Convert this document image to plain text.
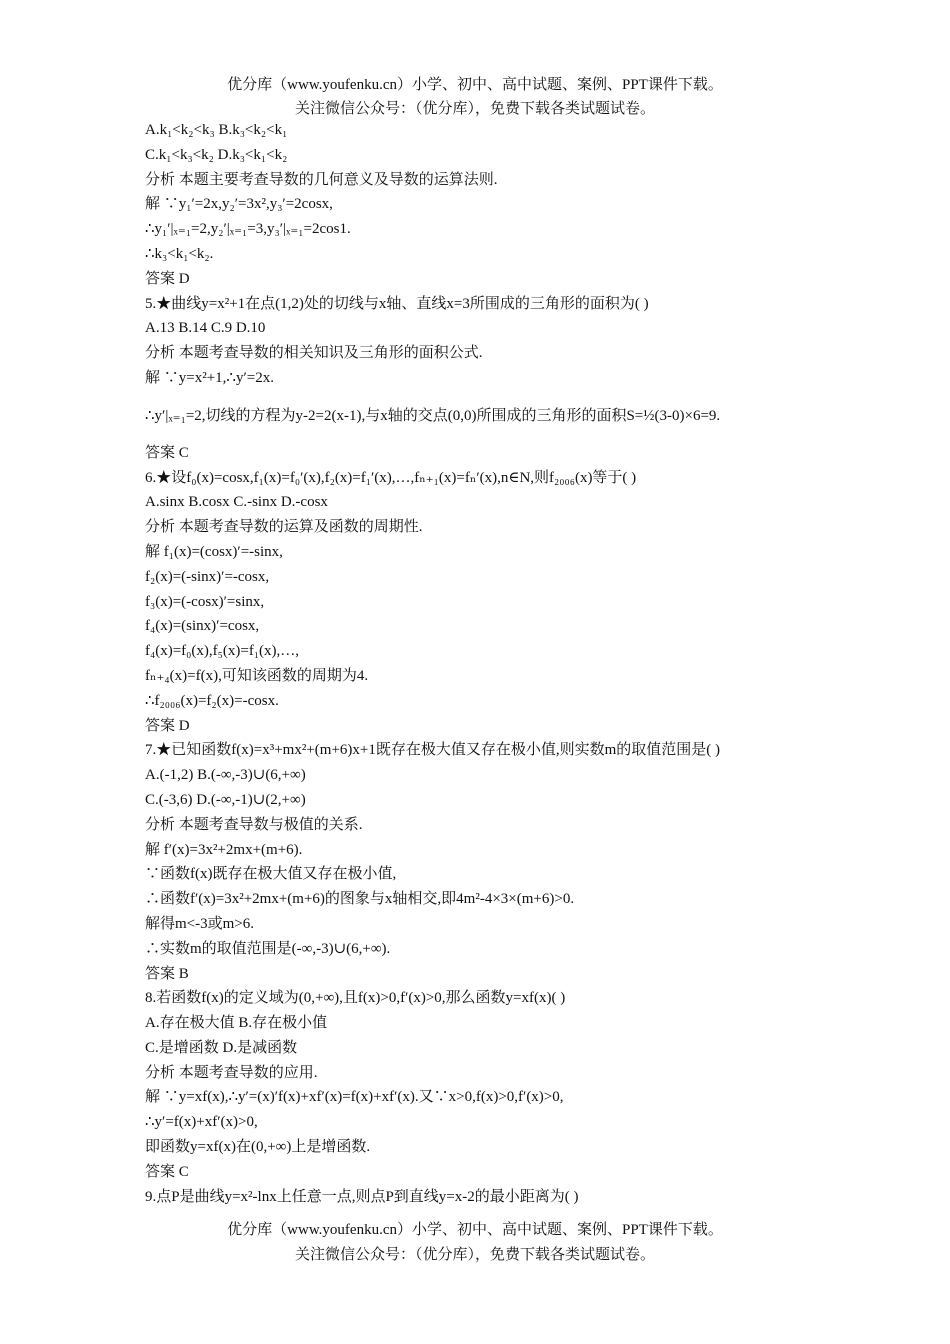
优分库（www.youfenku.cn）小学、初中、高中试题、案例、PPT课件下载。
关注微信公众号：（优分库），免费下载各类试题试卷。
A.k₁<k₂<k₃ B.k₃<k₂<k₁
C.k₁<k₃<k₂ D.k₃<k₁<k₂
分析 本题主要考查导数的几何意义及导数的运算法则.
解 ∵y₁′=2x,y₂′=3x²,y₃′=2cosx,
∴y₁′|ₓ₌₁=2,y₂′|ₓ₌₁=3,y₃′|ₓ₌₁=2cos1.
∴k₃<k₁<k₂.
答案 D
5.★曲线y=x²+1在点(1,2)处的切线与x轴、直线x=3所围成的三角形的面积为( )
A.13 B.14 C.9 D.10
分析 本题考查导数的相关知识及三角形的面积公式.
解 ∵y=x²+1,∴y′=2x.
∴y′|ₓ₌₁=2,切线的方程为y-2=2(x-1),与x轴的交点(0,0)所围成的三角形的面积S=½(3-0)×6=9.
答案 C
6.★设f₀(x)=cosx,f₁(x)=f₀′(x),f₂(x)=f₁′(x),…,fₙ₊₁(x)=fₙ′(x),n∈N,则f₂₀₀₆(x)等于( )
A.sinx B.cosx C.-sinx D.-cosx
分析 本题考查导数的运算及函数的周期性.
解 f₁(x)=(cosx)′=-sinx,
f₂(x)=(-sinx)′=-cosx,
f₃(x)=(-cosx)′=sinx,
f₄(x)=(sinx)′=cosx,
f₄(x)=f₀(x),f₅(x)=f₁(x),…,
fₙ₊₄(x)=f(x),可知该函数的周期为4.
∴f₂₀₀₆(x)=f₂(x)=-cosx.
答案 D
7.★已知函数f(x)=x³+mx²+(m+6)x+1既存在极大值又存在极小值,则实数m的取值范围是( )
A.(-1,2) B.(-∞,-3)∪(6,+∞)
C.(-3,6) D.(-∞,-1)∪(2,+∞)
分析 本题考查导数与极值的关系.
解 f′(x)=3x²+2mx+(m+6).
∵函数f(x)既存在极大值又存在极小值,
∴函数f′(x)=3x²+2mx+(m+6)的图象与x轴相交,即4m²-4×3×(m+6)>0.
解得m<-3或m>6.
∴实数m的取值范围是(-∞,-3)∪(6,+∞).
答案 B
8.若函数f(x)的定义域为(0,+∞),且f(x)>0,f′(x)>0,那么函数y=xf(x)( )
A.存在极大值 B.存在极小值
C.是增函数 D.是减函数
分析 本题考查导数的应用.
解 ∵y=xf(x),∴y′=(x)′f(x)+xf′(x)=f(x)+xf′(x).又∵x>0,f(x)>0,f′(x)>0,
∴y′=f(x)+xf′(x)>0,
即函数y=xf(x)在(0,+∞)上是增函数.
答案 C
9.点P是曲线y=x²-lnx上任意一点,则点P到直线y=x-2的最小距离为( )
优分库（www.youfenku.cn）小学、初中、高中试题、案例、PPT课件下载。
关注微信公众号：（优分库），免费下载各类试题试卷。
